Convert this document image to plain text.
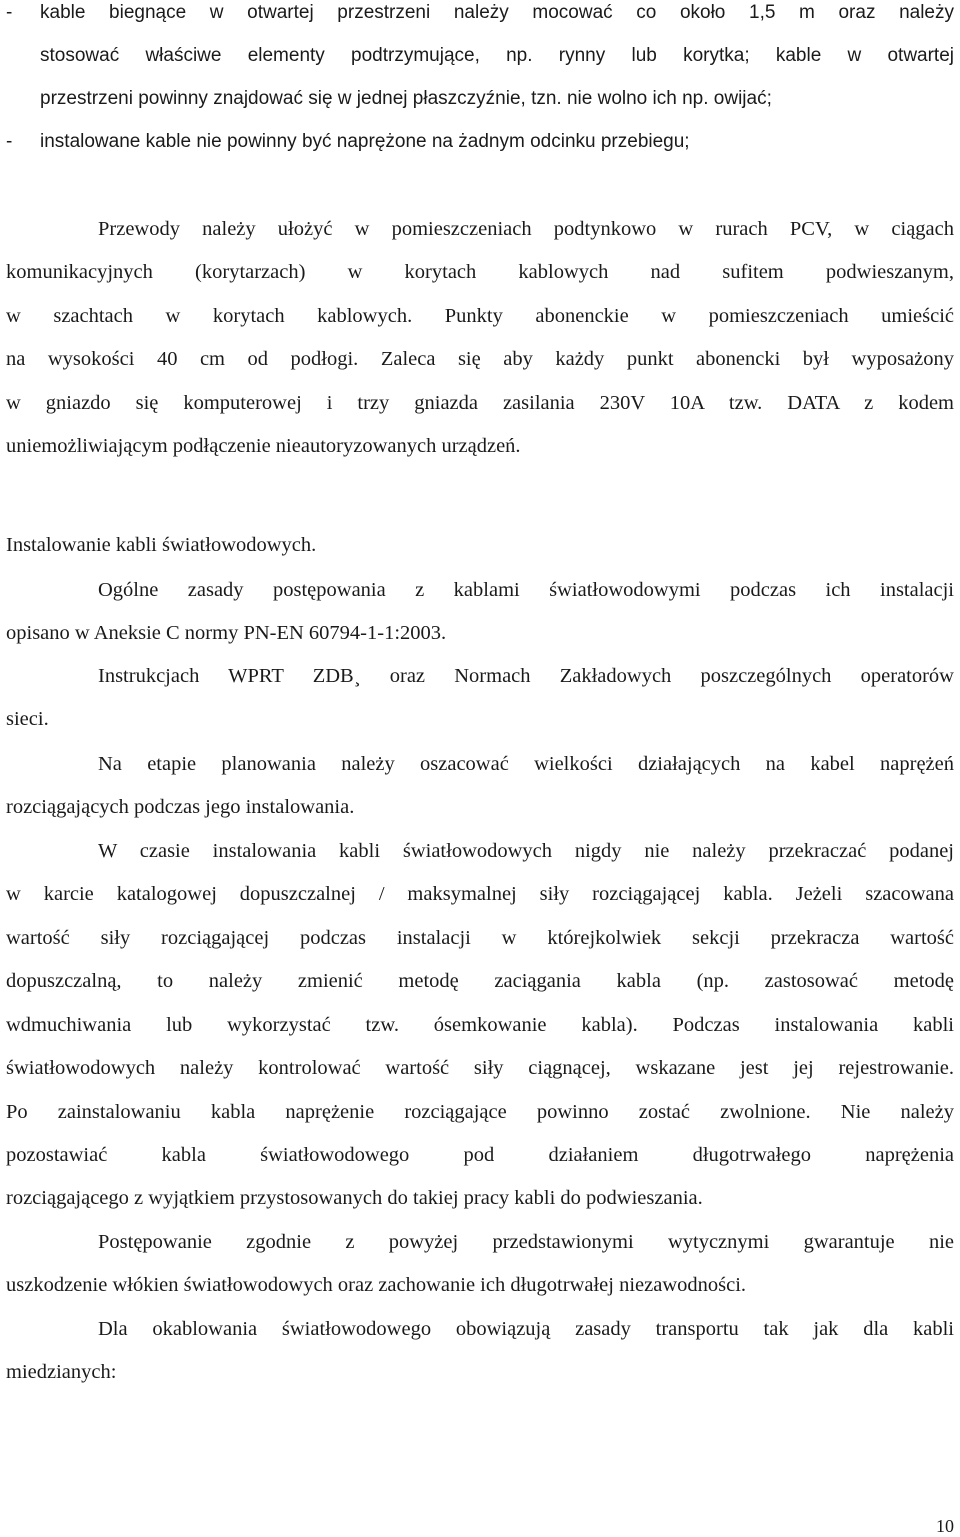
- kable biegnące w otwartej przestrzeni należy mocować co około 1,5 m oraz należy
stosować właściwe elementy podtrzymujące, np. rynny lub korytka; kable w otwartej
przestrzeni powinny znajdować się w jednej płaszczyźnie, tzn. nie wolno ich np. owijać;
- instalowane kable nie powinny być naprężone na żadnym odcinku przebiegu;
Przewody należy ułożyć w pomieszczeniach podtynkowo w rurach PCV, w ciągach
komunikacyjnych (korytarzach) w korytach kablowych nad sufitem podwieszanym,
w szachtach w korytach kablowych. Punkty abonenckie w pomieszczeniach umieścić
na wysokości 40 cm od podłogi. Zaleca się aby każdy punkt abonencki był wyposażony
w gniazdo się komputerowej i trzy gniazda zasilania 230V 10A tzw. DATA z kodem
uniemożliwiającym podłączenie nieautoryzowanych urządzeń.
Instalowanie kabli światłowodowych.
Ogólne zasady postępowania z kablami światłowodowymi podczas ich instalacji
opisano w Aneksie C normy PN-EN 60794-1-1:2003.
Instrukcjach WPRT ZDB¸ oraz Normach Zakładowych poszczególnych operatorów
sieci.
Na etapie planowania należy oszacować wielkości działających na kabel naprężeń
rozciągających podczas jego instalowania.
W czasie instalowania kabli światłowodowych nigdy nie należy przekraczać podanej
w karcie katalogowej dopuszczalnej / maksymalnej siły rozciągającej kabla. Jeżeli szacowana
wartość siły rozciągającej podczas instalacji w którejkolwiek sekcji przekracza wartość
dopuszczalną, to należy zmienić metodę zaciągania kabla (np. zastosować metodę
wdmuchiwania lub wykorzystać tzw. ósemkowanie kabla). Podczas instalowania kabli
światłowodowych należy kontrolować wartość siły ciągnącej, wskazane jest jej rejestrowanie.
Po zainstalowaniu kabla naprężenie rozciągające powinno zostać zwolnione. Nie należy
pozostawiać kabla światłowodowego pod działaniem długotrwałego naprężenia
rozciągającego z wyjątkiem przystosowanych do takiej pracy kabli do podwieszania.
Postępowanie zgodnie z powyżej przedstawionymi wytycznymi gwarantuje nie
uszkodzenie włókien światłowodowych oraz zachowanie ich długotrwałej niezawodności.
Dla okablowania światłowodowego obowiązują zasady transportu tak jak dla kabli
miedzianych:
10
